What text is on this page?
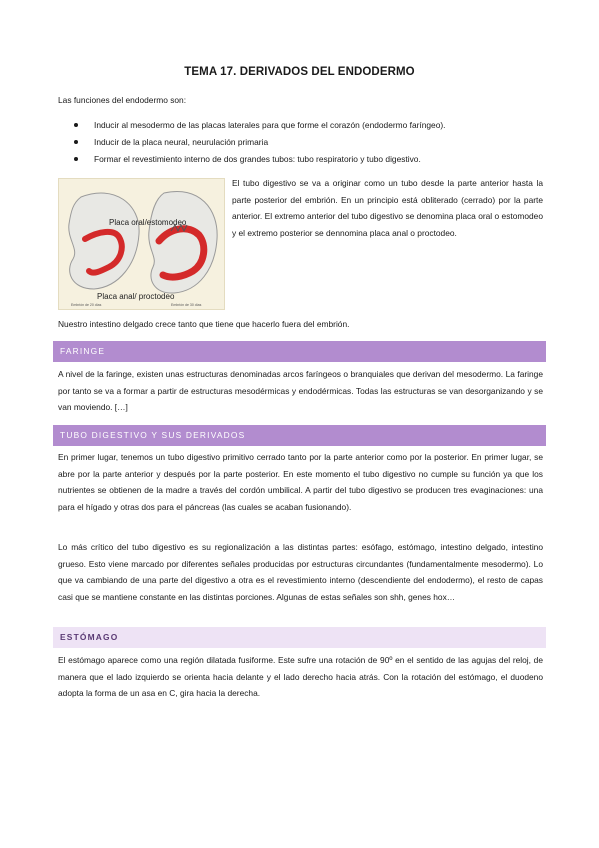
TEMA 17. DERIVADOS DEL ENDODERMO
Las funciones del endodermo son:
Inducir al mesodermo de las placas laterales para que forme el corazón (endodermo faríngeo).
Inducir de la placa neural, neurulación primaria
Formar el revestimiento interno de dos grandes tubos: tubo respiratorio y tubo digestivo.
Placa oral/estomodeo
Placa anal/ proctodeo
Embrión de 20 días	Embrión de 30 días
El tubo digestivo se va a originar como un tubo desde la parte anterior hasta la parte posterior del embrión. En un principio está obliterado (cerrado) por la parte anterior. El extremo anterior del tubo digestivo se denomina placa oral o estomodeo y el extremo posterior se dennomina placa anal o proctodeo.
Nuestro intestino delgado crece tanto que tiene que hacerlo fuera del embrión.
FARINGE
A nivel de la faringe, existen unas estructuras denominadas arcos faríngeos o branquiales que derivan del mesodermo. La faringe por tanto se va a formar a partir de estructuras mesodérmicas y endodérmicas. Todas las estructuras se van desorganizando y se van moviendo. […]
TUBO DIGESTIVO Y SUS DERIVADOS
En primer lugar, tenemos un tubo digestivo primitivo cerrado tanto por la parte anterior como por la posterior. En primer lugar, se abre por la parte anterior y después por la parte posterior. En este momento el tubo digestivo no cumple su función ya que los nutrientes se obtienen de la madre a través del cordón umbilical. A partir del tubo digestivo se producen tres evaginaciones: una para el hígado y otras dos para el páncreas (las cuales se acaban fusionando).
Lo más crítico del tubo digestivo es su regionalización a las distintas partes: esófago, estómago, intestino delgado, intestino grueso. Esto viene marcado por diferentes señales producidas por estructuras circundantes (fundamentalmente mesodermo). Lo que va cambiando de una parte del digestivo a otra es el revestimiento interno (descendiente del endodermo), el resto de capas casi que se mantiene constante en las distintas porciones. Algunas de estas señales son shh, genes hox…
ESTÓMAGO
El estómago aparece como una región dilatada fusiforme. Este sufre una rotación de 90º en el sentido de las agujas del reloj, de manera que el lado izquierdo se orienta hacia delante y el lado derecho hacia atrás. Con la rotación del estómago, el duodeno adopta la forma de un asa en C, gira hacia la derecha.
